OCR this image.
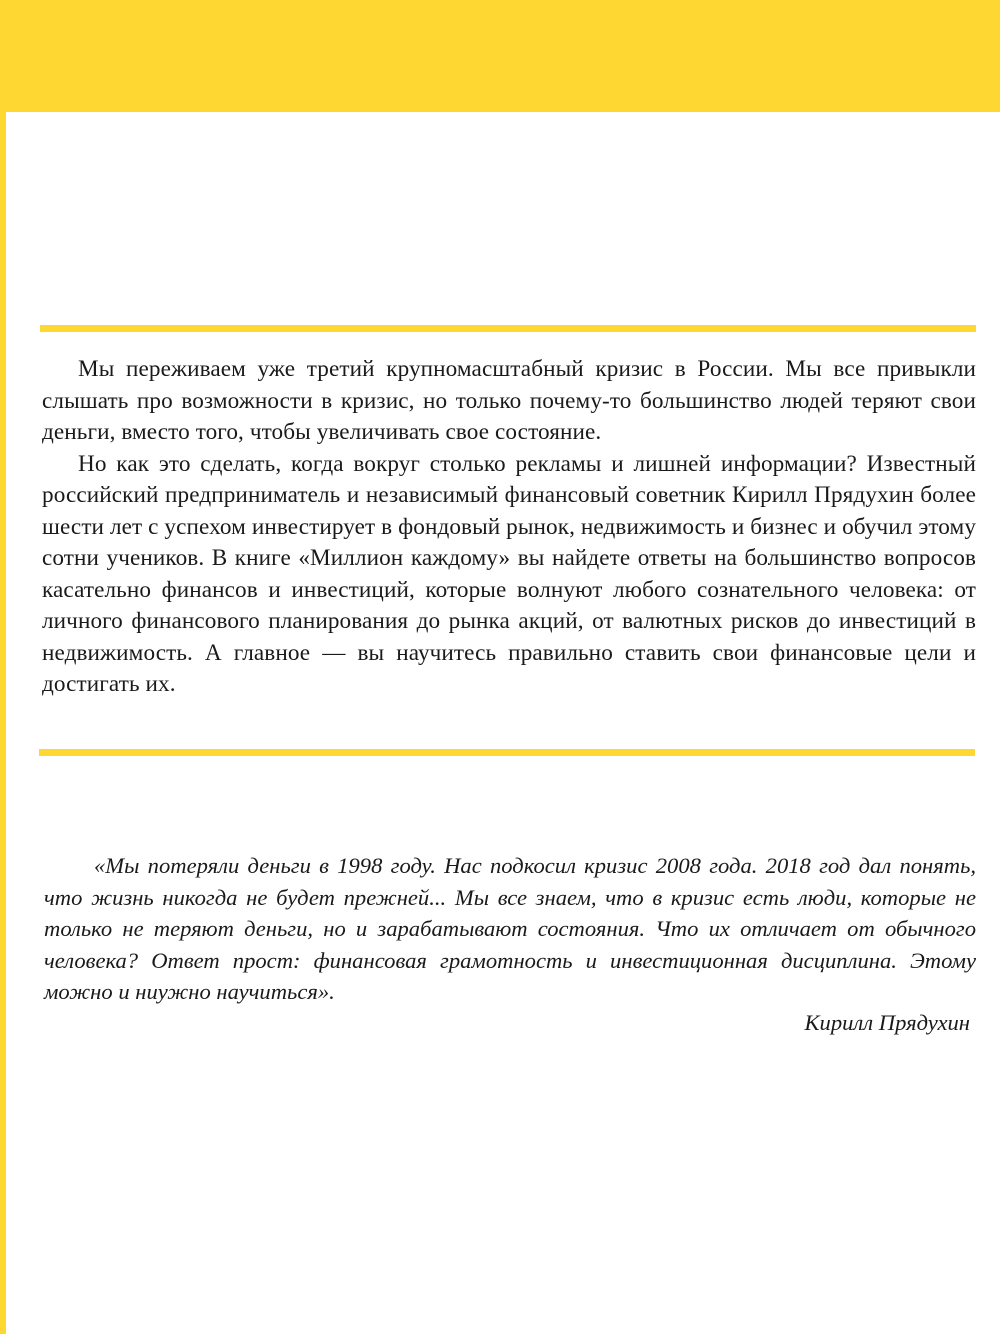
Мы переживаем уже третий крупномасштабный кризис в России. Мы все привыкли слышать про возможности в кризис, но только почему-то большинство людей теряют свои деньги, вместо того, чтобы увеличивать свое состояние.

Но как это сделать, когда вокруг столько рекламы и лишней информации? Известный российский предприниматель и независимый финансовый советник Кирилл Прядухин более шести лет с успехом инвестирует в фондовый рынок, недвижимость и бизнес и обучил этому сотни учеников. В книге «Миллион каждому» вы найдете ответы на большинство вопросов касательно финансов и инвестиций, которые волнуют любого сознательного человека: от личного финансового планирования до рынка акций, от валютных рисков до инвестиций в недвижимость. А главное — вы научитесь правильно ставить свои финансовые цели и достигать их.

«Мы потеряли деньги в 1998 году. Нас подкосил кризис 2008 года. 2018 год дал понять, что жизнь никогда не будет прежней... Мы все знаем, что в кризис есть люди, которые не только не теряют деньги, но и зарабатывают состояния. Что их отличает от обычного человека? Ответ прост: финансовая грамотность и инвестиционная дисциплина. Этому можно и ниужно научиться».

Кирилл Прядухин
